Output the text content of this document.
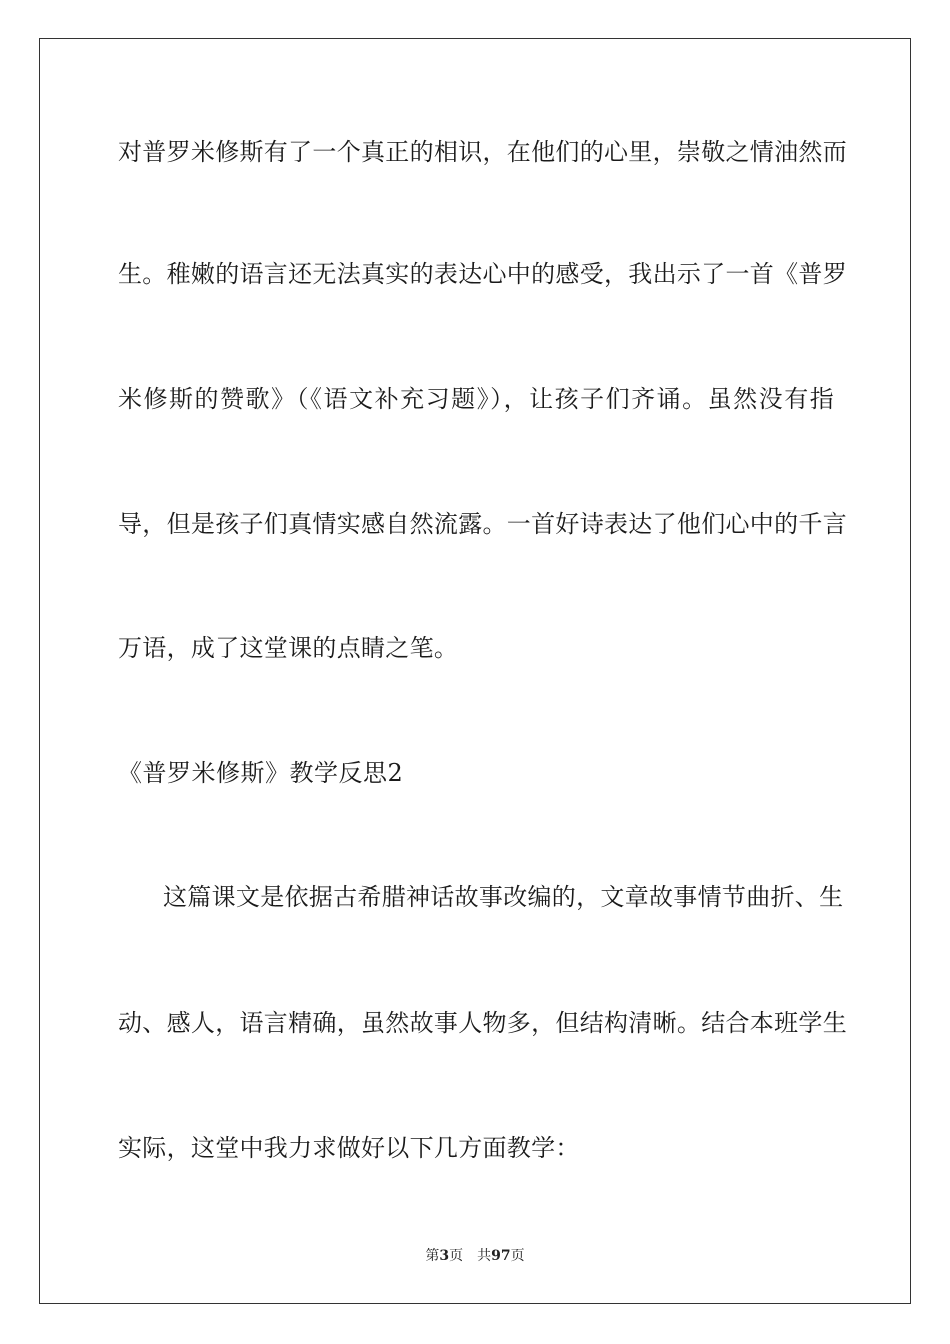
对普罗米修斯有了一个真正的相识，在他们的心里，崇敬之情油然而
生。稚嫩的语言还无法真实的表达心中的感受，我出示了一首《普罗
米修斯的赞歌》（《语文补充习题》），让孩子们齐诵。虽然没有指
导，但是孩子们真情实感自然流露。一首好诗表达了他们心中的千言
万语，成了这堂课的点睛之笔。
《普罗米修斯》教学反思2
这篇课文是依据古希腊神话故事改编的，文章故事情节曲折、生
动、感人，语言精确，虽然故事人物多，但结构清晰。结合本班学生
实际，这堂中我力求做好以下几方面教学：
第3页 共97页
